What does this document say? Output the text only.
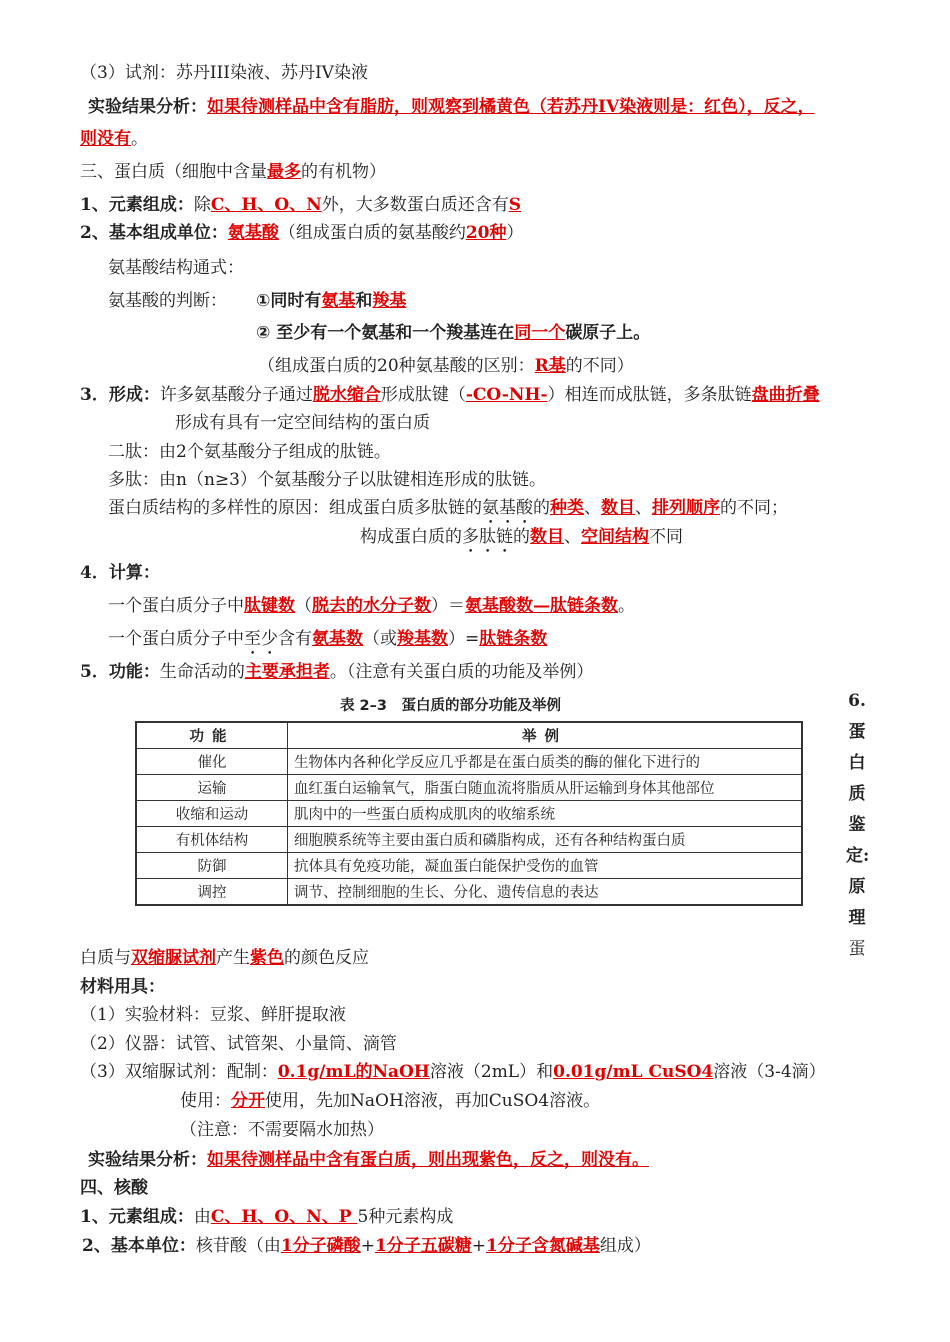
（3）试剂：苏丹III染液、苏丹IV染液
实验结果分析：如果待测样品中含有脂肪，则观察到橘黄色（若苏丹IV染液则是：红色），反之，
则没有。
三、蛋白质（细胞中含量最多的有机物）
1、元素组成：除C、H、O、N外，大多数蛋白质还含有S
2、基本组成单位：氨基酸（组成蛋白质的氨基酸约20种）
氨基酸结构通式：
氨基酸的判断： ①同时有氨基和羧基
② 至少有一个氨基和一个羧基连在同一个碳原子上。
（组成蛋白质的20种氨基酸的区别：R基的不同）
3．形成：许多氨基酸分子通过脱水缩合形成肽键（-CO-NH-）相连而成肽链，多条肽链盘曲折叠
形成有具有一定空间结构的蛋白质
二肽：由2个氨基酸分子组成的肽链。
多肽：由n（n≥3）个氨基酸分子以肽键相连形成的肽链。
蛋白质结构的多样性的原因：组成蛋白质多肽链的氨基酸的种类、数目、排列顺序的不同；
构成蛋白质的多肽链的数目、空间结构不同
4．计算：
一个蛋白质分子中肽键数（脱去的水分子数）＝氨基酸数—肽链条数。
一个蛋白质分子中至少含有氨基数（或羧基数）=肽链条数
5．功能：生命活动的主要承担者。（注意有关蛋白质的功能及举例）
表 2–3　蛋白质的部分功能及举例
功能	举例
催化	生物体内各种化学反应几乎都是在蛋白质类的酶的催化下进行的
运输	血红蛋白运输氧气，脂蛋白随血流将脂质从肝运输到身体其他部位
收缩和运动	肌肉中的一些蛋白质构成肌肉的收缩系统
有机体结构	细胞膜系统等主要由蛋白质和磷脂构成，还有各种结构蛋白质
防御	抗体具有免疫功能，凝血蛋白能保护受伤的血管
调控	调节、控制细胞的生长、分化、遗传信息的表达
6.
蛋
白
质
鉴
定:
原
理
蛋
白质与双缩脲试剂产生紫色的颜色反应
材料用具：
（1）实验材料：豆浆、鲜肝提取液
（2）仪器：试管、试管架、小量筒、滴管
（3）双缩脲试剂：配制：0.1g/mL的NaOH溶液（2mL）和0.01g/mL CuSO4溶液（3-4滴）
使用：分开使用，先加NaOH溶液，再加CuSO4溶液。
（注意：不需要隔水加热）
实验结果分析：如果待测样品中含有蛋白质，则出现紫色，反之，则没有。
四、核酸
1、元素组成：由C、H、O、N、P 5种元素构成
2、基本单位：核苷酸（由1分子磷酸+1分子五碳糖+1分子含氮碱基组成）
